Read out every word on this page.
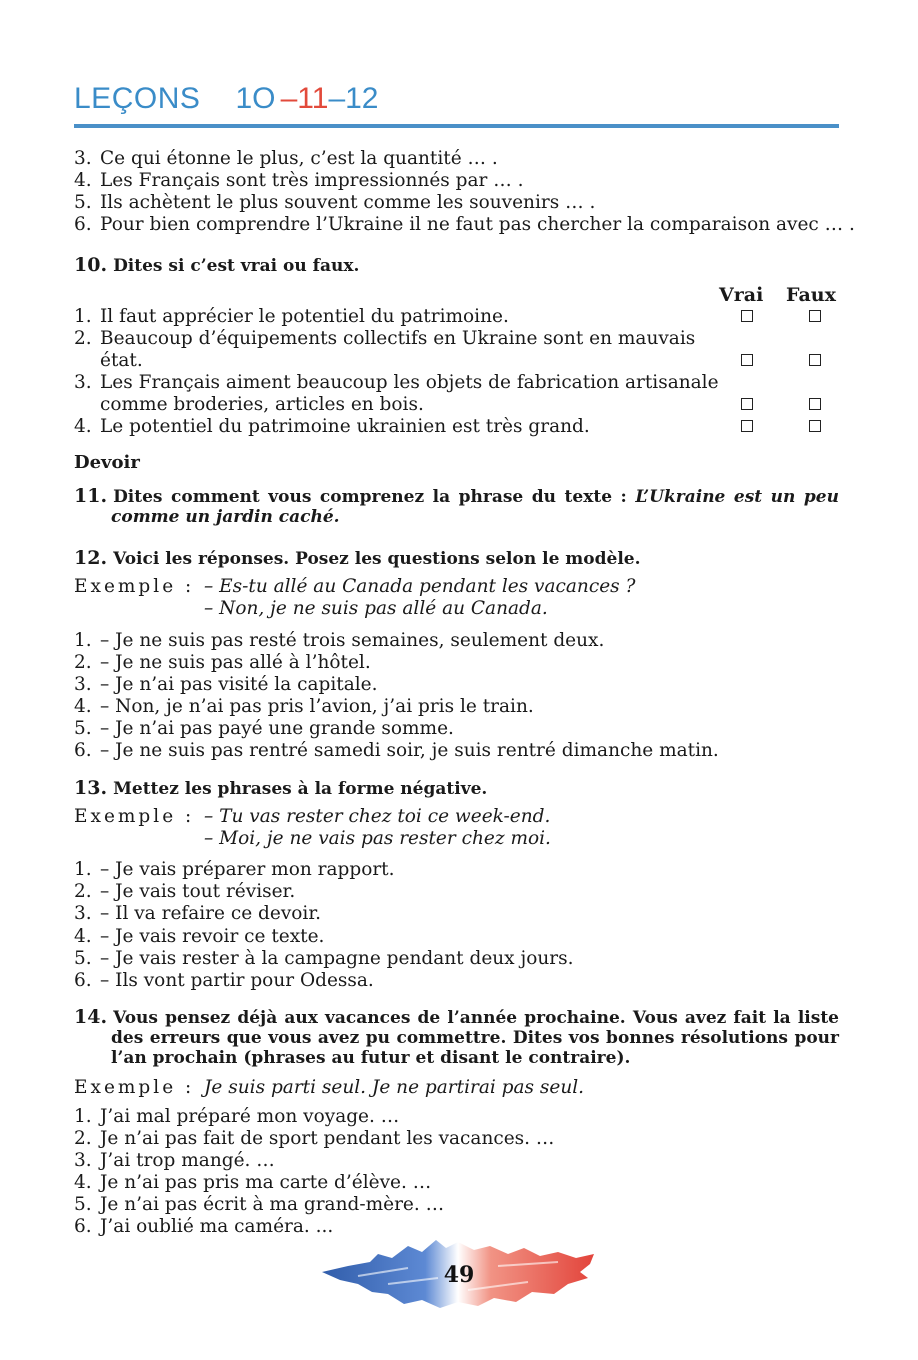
LEÇONS 1O –11–12
3. Ce qui étonne le plus, c’est la quantité … .
4. Les Français sont très impressionnés par … .
5. Ils achètent le plus souvent comme les souvenirs … .
6. Pour bien comprendre l’Ukraine il ne faut pas chercher la comparaison avec … .
10. Dites si c’est vrai ou faux.
Vrai Faux
1. Il faut apprécier le potentiel du patrimoine.
2. Beaucoup d’équipements collectifs en Ukraine sont en mauvais
état.
3. Les Français aiment beaucoup les objets de fabrication artisanale
comme broderies, articles en bois.
4. Le potentiel du patrimoine ukrainien est très grand.
Devoir
11. Dites comment vous comprenez la phrase du texte : L’Ukraine est un peu comme un jardin caché.
12. Voici les réponses. Posez les questions selon le modèle.
Exemple : – Es-tu allé au Canada pendant les vacances ?
– Non, je ne suis pas allé au Canada.
1. – Je ne suis pas resté trois semaines, seulement deux.
2. – Je ne suis pas allé à l’hôtel.
3. – Je n’ai pas visité la capitale.
4. – Non, je n’ai pas pris l’avion, j’ai pris le train.
5. – Je n’ai pas payé une grande somme.
6. – Je ne suis pas rentré samedi soir, je suis rentré dimanche matin.
13. Mettez les phrases à la forme négative.
Exemple : – Tu vas rester chez toi ce week-end.
– Moi, je ne vais pas rester chez moi.
1. – Je vais préparer mon rapport.
2. – Je vais tout réviser.
3. – Il va refaire ce devoir.
4. – Je vais revoir ce texte.
5. – Je vais rester à la campagne pendant deux jours.
6. – Ils vont partir pour Odessa.
14. Vous pensez déjà aux vacances de l’année prochaine. Vous avez fait la liste des erreurs que vous avez pu commettre. Dites vos bonnes résolutions pour l’an prochain (phrases au futur et disant le contraire).
Exemple : Je suis parti seul. Je ne partirai pas seul.
1. J’ai mal préparé mon voyage. …
2. Je n’ai pas fait de sport pendant les vacances. …
3. J’ai trop mangé. …
4. Je n’ai pas pris ma carte d’élève. …
5. Je n’ai pas écrit à ma grand-mère. …
6. J’ai oublié ma caméra. ...
49
